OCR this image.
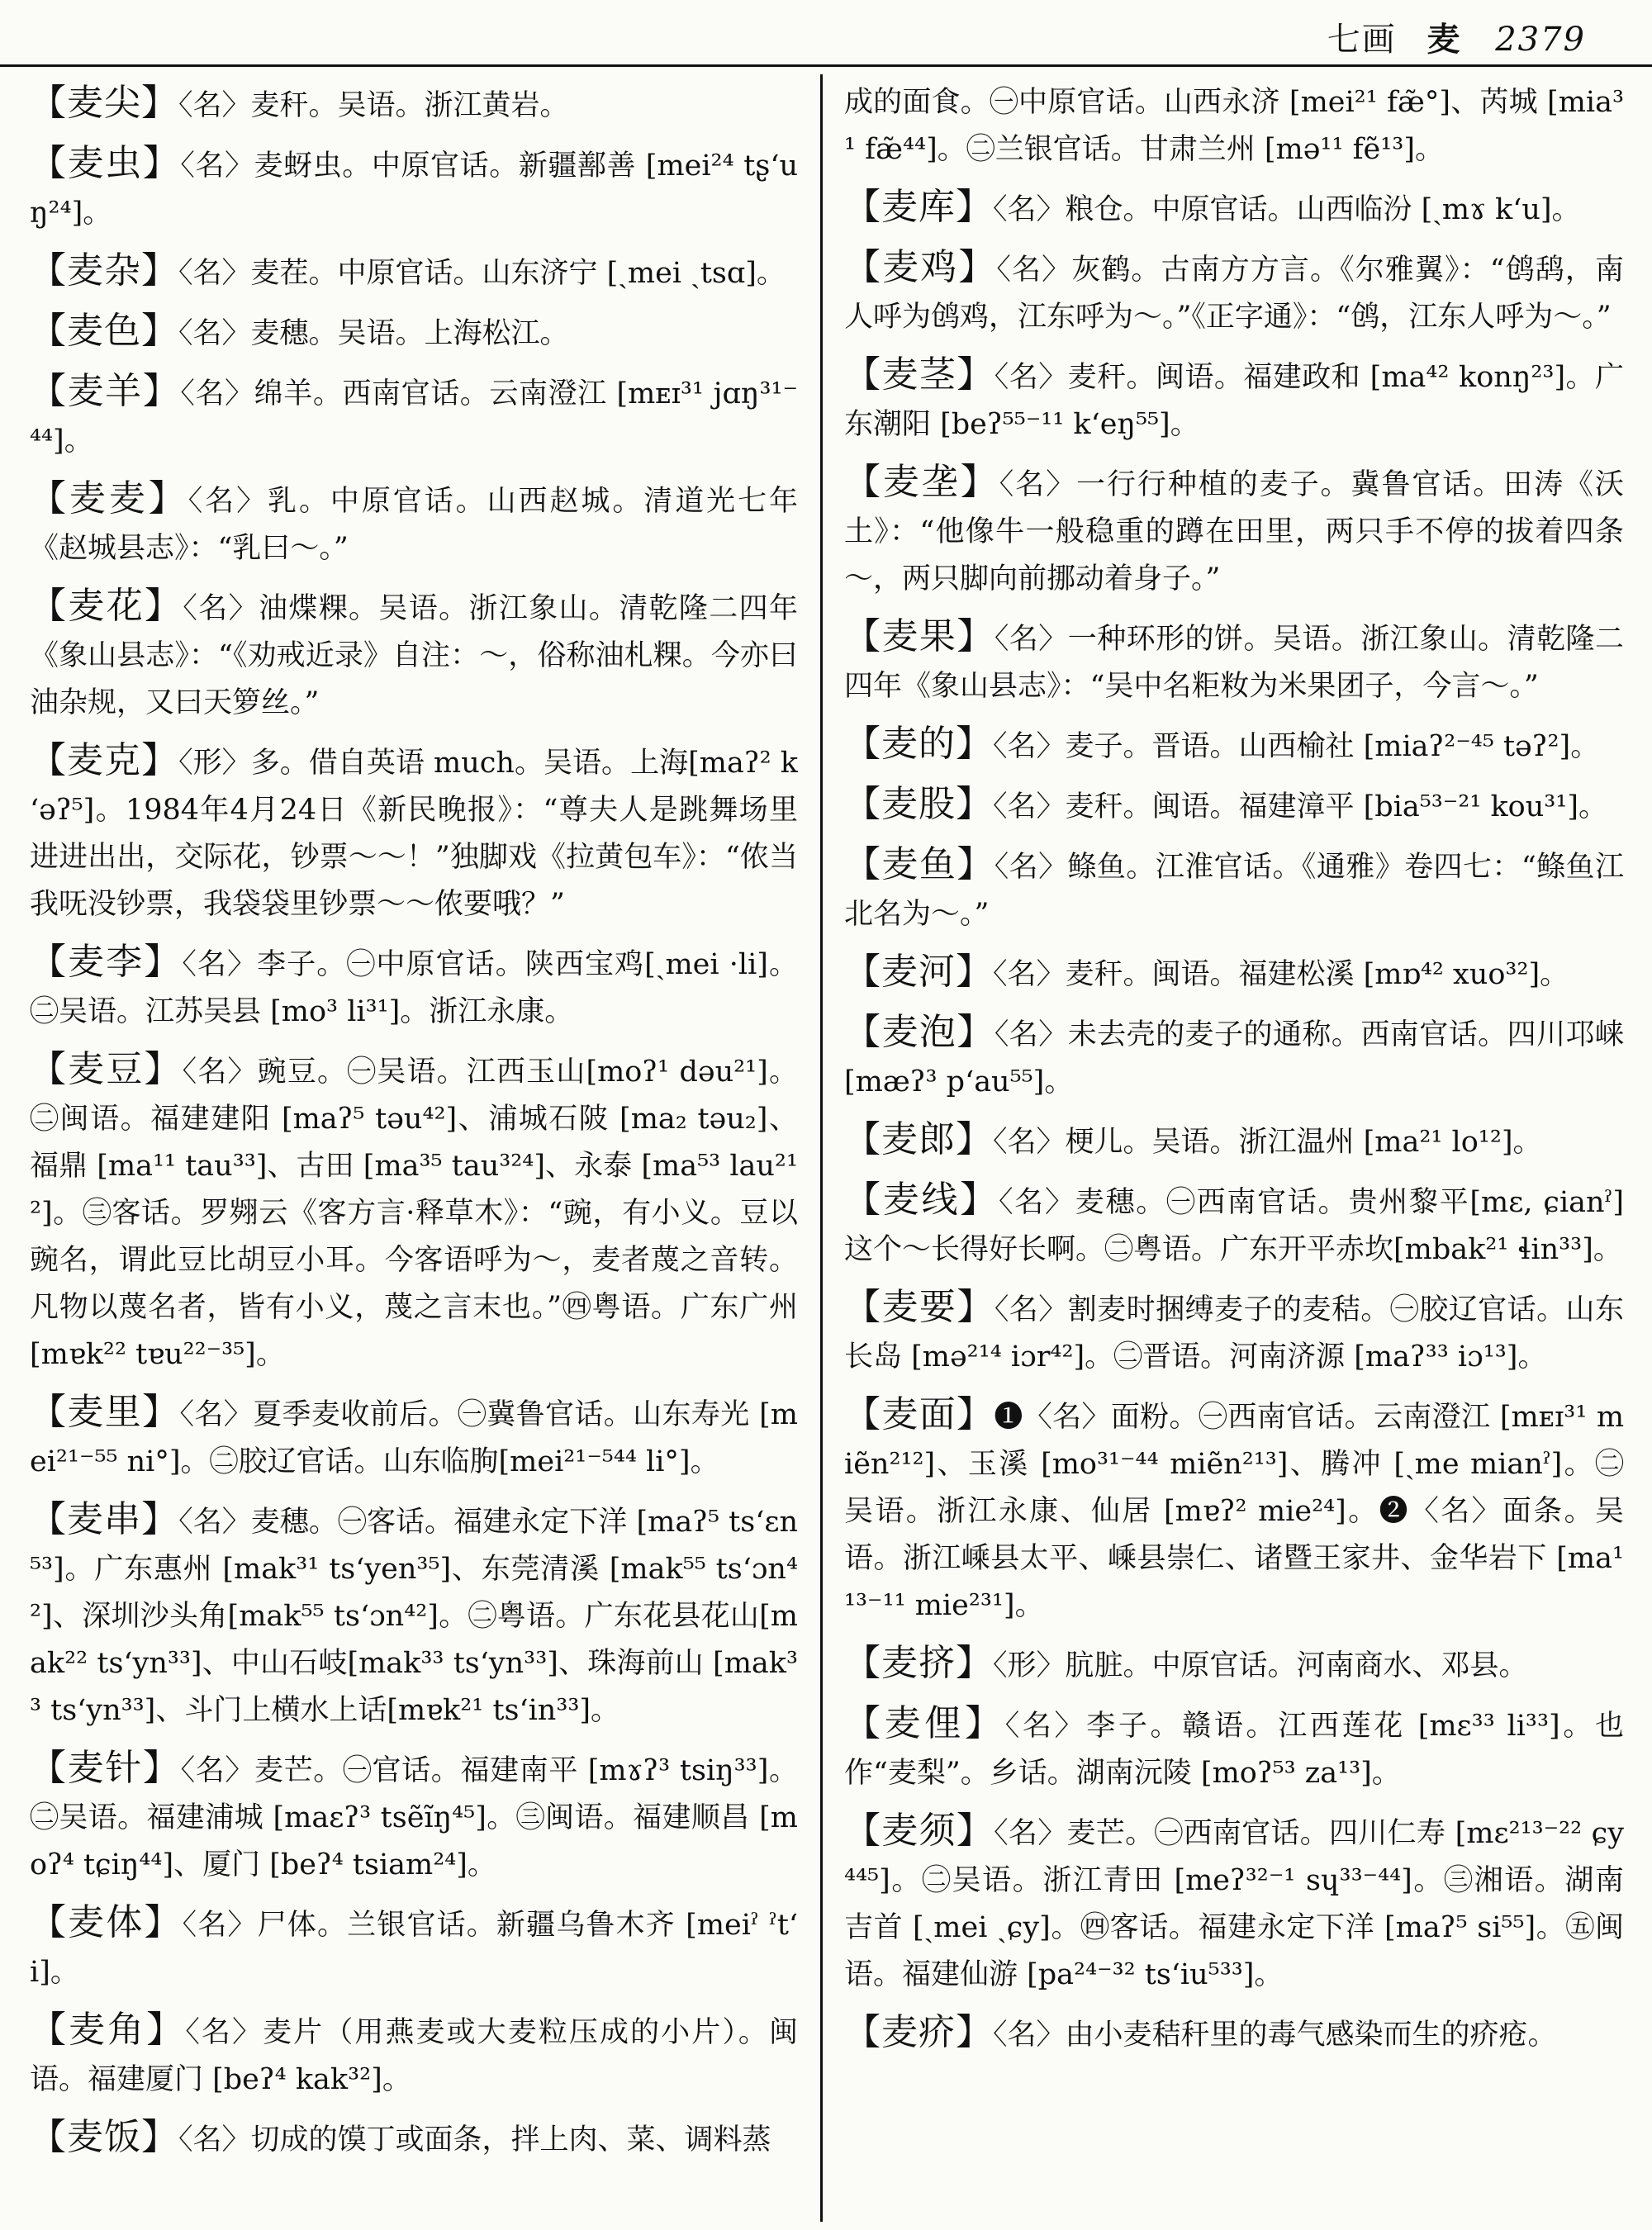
七画 麦 2379

【麦尖】〈名〉麦秆。吴语。浙江黄岩。

【麦虫】〈名〉麦蚜虫。中原官话。新疆鄯善 [mei²⁴ tʂʻuŋ²⁴]。

【麦杂】〈名〉麦茬。中原官话。山东济宁 [ˏmei ˏtsɑ]。

【麦色】〈名〉麦穗。吴语。上海松江。

【麦羊】〈名〉绵羊。西南官话。云南澄江 [mᴇɪ³¹ jɑŋ³¹⁻⁴⁴]。

【麦麦】〈名〉乳。中原官话。山西赵城。清道光七年《赵城县志》：“乳曰～。”

【麦花】〈名〉油煠粿。吴语。浙江象山。清乾隆二四年《象山县志》：“《劝戒近录》自注：～，俗称油札粿。今亦曰油杂规，又曰天箩丝。”

【麦克】〈形〉多。借自英语 much。吴语。上海[maʔ² kʻəʔ⁵]。1984年4月24日《新民晚报》：“尊夫人是跳舞场里进进出出，交际花，钞票～～！”独脚戏《拉黄包车》：“侬当我呒没钞票，我袋袋里钞票～～侬要哦？”

【麦李】〈名〉李子。㊀中原官话。陕西宝鸡[ˏmei ·li]。㊁吴语。江苏吴县 [mo³ li³¹]。浙江永康。

【麦豆】〈名〉豌豆。㊀吴语。江西玉山[moʔ¹ dəu²¹]。㊁闽语。福建建阳 [maʔ⁵ təu⁴²]、浦城石陂 [ma₂ təu₂]、福鼎 [ma¹¹ tau³³]、古田 [ma³⁵ tau³²⁴]、永泰 [ma⁵³ lau²¹²]。㊂客话。罗翙云《客方言·释草木》：“豌，有小义。豆以豌名，谓此豆比胡豆小耳。今客语呼为～，麦者蔑之音转。凡物以蔑名者，皆有小义，蔑之言末也。”㊃粤语。广东广州 [mɐk²² tɐu²²⁻³⁵]。

【麦里】〈名〉夏季麦收前后。㊀冀鲁官话。山东寿光 [mei²¹⁻⁵⁵ ni°]。㊁胶辽官话。山东临朐[mei²¹⁻⁵⁴⁴ li°]。

【麦串】〈名〉麦穗。㊀客话。福建永定下洋 [maʔ⁵ tsʻɛn⁵³]。广东惠州 [mak³¹ tsʻyen³⁵]、东莞清溪 [mak⁵⁵ tsʻɔn⁴²]、深圳沙头角[mak⁵⁵ tsʻɔn⁴²]。㊁粤语。广东花县花山[mak²² tsʻyn³³]、中山石岐[mak³³ tsʻyn³³]、珠海前山 [mak³³ tsʻyn³³]、斗门上横水上话[mɐk²¹ tsʻin³³]。

【麦针】〈名〉麦芒。㊀官话。福建南平 [mɤʔ³ tsiŋ³³]。㊁吴语。福建浦城 [maɛʔ³ tsẽĩŋ⁴⁵]。㊂闽语。福建顺昌 [moʔ⁴ tɕiŋ⁴⁴]、厦门 [beʔ⁴ tsiam²⁴]。

【麦体】〈名〉尸体。兰银官话。新疆乌鲁木齐 [meiˀ ˀtʻi]。

【麦角】〈名〉麦片（用燕麦或大麦粒压成的小片）。闽语。福建厦门 [beʔ⁴ kak³²]。

【麦饭】〈名〉切成的馍丁或面条，拌上肉、菜、调料蒸

成的面食。㊀中原官话。山西永济 [mei²¹ fæ̃°]、芮城 [mia³¹ fæ̃⁴⁴]。㊁兰银官话。甘肃兰州 [mə¹¹ fẽ¹³]。

【麦库】〈名〉粮仓。中原官话。山西临汾 [ˏmɤ kʻu]。

【麦鸡】〈名〉灰鹤。古南方方言。《尔雅翼》：“鸧鸹，南人呼为鸧鸡，江东呼为～。”《正字通》：“鸧，江东人呼为～。”

【麦茎】〈名〉麦秆。闽语。福建政和 [ma⁴² konŋ²³]。广东潮阳 [beʔ⁵⁵⁻¹¹ kʻeŋ⁵⁵]。

【麦垄】〈名〉一行行种植的麦子。冀鲁官话。田涛《沃土》：“他像牛一般稳重的蹲在田里，两只手不停的拔着四条～，两只脚向前挪动着身子。”

【麦果】〈名〉一种环形的饼。吴语。浙江象山。清乾隆二四年《象山县志》：“吴中名粔籹为米果团子，今言～。”

【麦的】〈名〉麦子。晋语。山西榆社 [miaʔ²⁻⁴⁵ təʔ²]。

【麦股】〈名〉麦秆。闽语。福建漳平 [bia⁵³⁻²¹ kou³¹]。

【麦鱼】〈名〉鲦鱼。江淮官话。《通雅》卷四七：“鲦鱼江北名为～。”

【麦河】〈名〉麦秆。闽语。福建松溪 [mɒ⁴² xuo³²]。

【麦泡】〈名〉未去壳的麦子的通称。西南官话。四川邛崃 [mæʔ³ pʻau⁵⁵]。

【麦郎】〈名〉梗儿。吴语。浙江温州 [ma²¹ lo¹²]。

【麦线】〈名〉麦穗。㊀西南官话。贵州黎平[mɛ, ɕianˀ] 这个～长得好长啊。㊁粤语。广东开平赤坎[mbak²¹ ɬin³³]。

【麦要】〈名〉割麦时捆缚麦子的麦秸。㊀胶辽官话。山东长岛 [mə²¹⁴ iɔr⁴²]。㊁晋语。河南济源 [maʔ³³ iɔ¹³]。

【麦面】❶〈名〉面粉。㊀西南官话。云南澄江 [mᴇɪ³¹ miẽn²¹²]、玉溪 [mo³¹⁻⁴⁴ miẽn²¹³]、腾冲 [ˏme mianˀ]。㊁吴语。浙江永康、仙居 [mɐʔ² mie²⁴]。❷〈名〉面条。吴语。浙江嵊县太平、嵊县崇仁、诸暨王家井、金华岩下 [ma¹¹³⁻¹¹ mie²³¹]。

【麦挤】〈形〉肮脏。中原官话。河南商水、邓县。

【麦俚】〈名〉李子。赣语。江西莲花 [mɛ³³ li³³]。也作“麦梨”。乡话。湖南沅陵 [moʔ⁵³ za¹³]。

【麦须】〈名〉麦芒。㊀西南官话。四川仁寿 [mɛ²¹³⁻²² ɕy⁴⁴⁵]。㊁吴语。浙江青田 [meʔ³²⁻¹ sɥ³³⁻⁴⁴]。㊂湘语。湖南吉首 [ˏmei ˏɕy]。㊃客话。福建永定下洋 [maʔ⁵ si⁵⁵]。㊄闽语。福建仙游 [pa²⁴⁻³² tsʻiu⁵³³]。

【麦疥】〈名〉由小麦秸秆里的毒气感染而生的疥疮。
